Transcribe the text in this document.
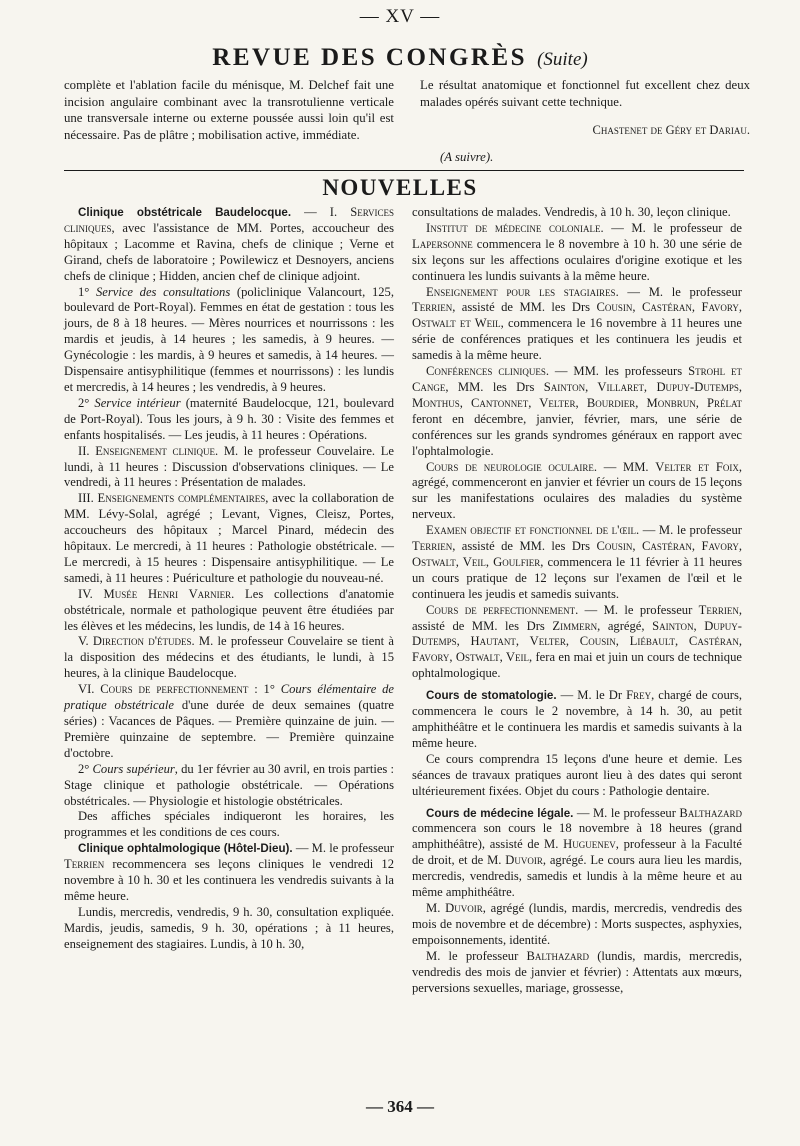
— XV —
REVUE DES CONGRÈS (Suite)
complète et l'ablation facile du ménisque, M. Delchef fait une incision angulaire combinant avec la transrotulienne verticale une transversale interne ou externe poussée aussi loin qu'il est nécessaire. Pas de plâtre ; mobilisation active, immédiate.
Le résultat anatomique et fonctionnel fut excellent chez deux malades opérés suivant cette technique.
Chastenet de Géry et Dariau.
(A suivre).
NOUVELLES

Clinique obstétricale Baudelocque. — I. Services cliniques, avec l'assistance de MM. Portes, accoucheur des hôpitaux ; Lacomme et Ravina, chefs de clinique ; Verne et Girand, chefs de laboratoire ; Powilewicz et Desnoyers, anciens chefs de clinique ; Hidden, ancien chef de clinique adjoint.

1° Service des consultations (policlinique Valancourt, 125, boulevard de Port-Royal). Femmes en état de gestation : tous les jours, de 8 à 18 heures. — Mères nourrices et nourrissons : les mardis et jeudis, à 14 heures ; les samedis, à 9 heures. — Gynécologie : les mardis, à 9 heures et samedis, à 14 heures. — Dispensaire antisyphilitique (femmes et nourrissons) : les lundis et mercredis, à 14 heures ; les vendredis, à 9 heures.

2° Service intérieur (maternité Baudelocque, 121, boulevard de Port-Royal). Tous les jours, à 9 h. 30 : Visite des femmes et enfants hospitalisés. — Les jeudis, à 11 heures : Opérations.

II. Enseignement clinique. M. le professeur Couvelaire. Le lundi, à 11 heures : Discussion d'observations cliniques. — Le vendredi, à 11 heures : Présentation de malades.

III. Enseignements complémentaires, avec la collaboration de MM. Lévy-Solal, agrégé ; Levant, Vignes, Cleisz, Portes, accoucheurs des hôpitaux ; Marcel Pinard, médecin des hôpitaux. Le mercredi, à 11 heures : Pathologie obstétricale. — Le mercredi, à 15 heures : Dispensaire antisyphilitique. — Le samedi, à 11 heures : Puériculture et pathologie du nouveau-né.

IV. Musée Henri Varnier. Les collections d'anatomie obstétricale, normale et pathologique peuvent être étudiées par les élèves et les médecins, les lundis, de 14 à 16 heures.

V. Direction d'études. M. le professeur Couvelaire se tient à la disposition des médecins et des étudiants, le lundi, à 15 heures, à la clinique Baudelocque.

VI. Cours de perfectionnement : 1° Cours élémentaire de pratique obstétricale d'une durée de deux semaines (quatre séries) : Vacances de Pâques. — Première quinzaine de juin. — Première quinzaine de septembre. — Première quinzaine d'octobre.

2° Cours supérieur, du 1er février au 30 avril, en trois parties : Stage clinique et pathologie obstétricale. — Opérations obstétricales. — Physiologie et histologie obstétricales.

Des affiches spéciales indiqueront les horaires, les programmes et les conditions de ces cours.

Clinique ophtalmologique (Hôtel-Dieu). — M. le professeur Terrien recommencera ses leçons cliniques le vendredi 12 novembre à 10 h. 30 et les continuera les vendredis suivants à la même heure.

Lundis, mercredis, vendredis, 9 h. 30, consultation expliquée. Mardis, jeudis, samedis, 9 h. 30, opérations ; à 11 heures, enseignement des stagiaires. Lundis, à 10 h. 30,

consultations de malades. Vendredis, à 10 h. 30, leçon clinique.

Institut de médecine coloniale. — M. le professeur de Lapersonne commencera le 8 novembre à 10 h. 30 une série de six leçons sur les affections oculaires d'origine exotique et les continuera les lundis suivants à la même heure.

Enseignement pour les stagiaires. — M. le professeur Terrien, assisté de MM. les Drs Cousin, Castéran, Favory, Ostwalt et Weil, commencera le 16 novembre à 11 heures une série de conférences pratiques et les continuera les jeudis et samedis à la même heure.

Conférences cliniques. — MM. les professeurs Strohl et Cange, MM. les Drs Sainton, Villaret, Dupuy-Dutemps, Monthus, Cantonnet, Velter, Bourdier, Monbrun, Prélat feront en décembre, janvier, février, mars, une série de conférences sur les grands syndromes généraux en rapport avec l'ophtalmologie.

Cours de neurologie oculaire. — MM. Velter et Foix, agrégé, commenceront en janvier et février un cours de 15 leçons sur les manifestations oculaires des maladies du système nerveux.

Examen objectif et fonctionnel de l'œil. — M. le professeur Terrien, assisté de MM. les Drs Cousin, Castéran, Favory, Ostwalt, Veil, Goulfier, commencera le 11 février à 11 heures un cours pratique de 12 leçons sur l'examen de l'œil et le continuera les jeudis et samedis suivants.

Cours de perfectionnement. — M. le professeur Terrien, assisté de MM. les Drs Zimmern, agrégé, Sainton, Dupuy-Dutemps, Hautant, Velter, Cousin, Liébault, Castéran, Favory, Ostwalt, Veil, fera en mai et juin un cours de technique ophtalmologique.

Cours de stomatologie. — M. le Dr Frey, chargé de cours, commencera le cours le 2 novembre, à 14 h. 30, au petit amphithéâtre et le continuera les mardis et samedis suivants à la même heure.

Ce cours comprendra 15 leçons d'une heure et demie. Les séances de travaux pratiques auront lieu à des dates qui seront ultérieurement fixées. Objet du cours : Pathologie dentaire.

Cours de médecine légale. — M. le professeur Balthazard commencera son cours le 18 novembre à 18 heures (grand amphithéâtre), assisté de M. Huguenev, professeur à la Faculté de droit, et de M. Duvoir, agrégé. Le cours aura lieu les mardis, mercredis, vendredis, samedis et lundis à la même heure et au même amphithéâtre.

M. Duvoir, agrégé (lundis, mardis, mercredis, vendredis des mois de novembre et de décembre) : Morts suspectes, asphyxies, empoisonnements, identité.

M. le professeur Balthazard (lundis, mardis, mercredis, vendredis des mois de janvier et février) : Attentats aux mœurs, perversions sexuelles, mariage, grossesse,

— 364 —
